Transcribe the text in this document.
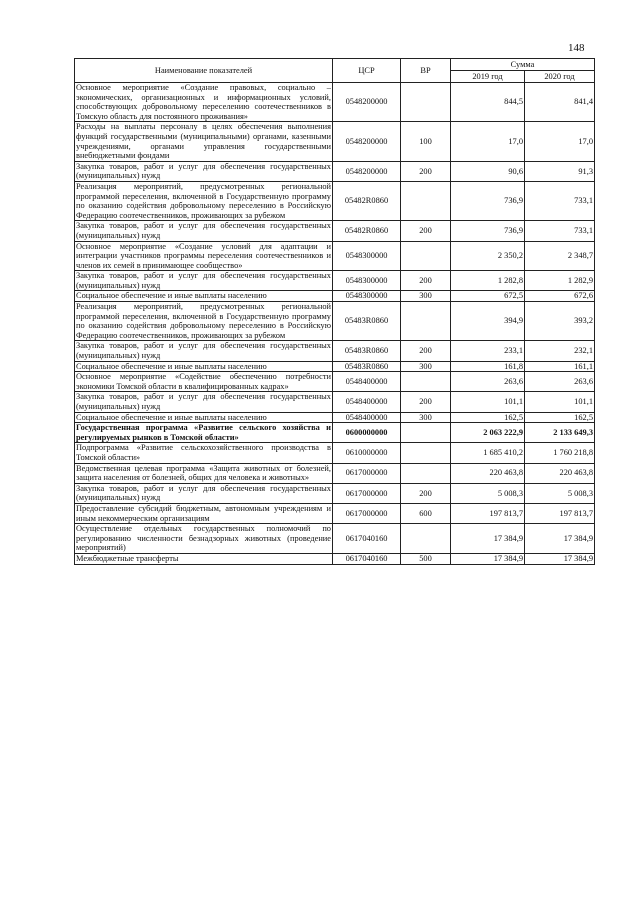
148
Наименование показателей	ЦСР	ВР	Сумма	
			2019 год	2020 год
Основное мероприятие «Создание правовых, социально – экономических, организационных и информационных условий, способствующих добровольному переселению соотечественников в Томскую область для постоянного проживания»	0548200000		844,5	841,4
Расходы на выплаты персоналу в целях обеспечения выполнения функций государственными (муниципальными) органами, казенными учреждениями, органами управления государственными внебюджетными фондами	0548200000	100	17,0	17,0
Закупка товаров, работ и услуг для обеспечения государственных (муниципальных) нужд	0548200000	200	90,6	91,3
Реализация мероприятий, предусмотренных региональной программой переселения, включенной в Государственную программу по оказанию содействия добровольному переселению в Российскую Федерацию соотечественников, проживающих за рубежом	05482R0860		736,9	733,1
Закупка товаров, работ и услуг для обеспечения государственных (муниципальных) нужд	05482R0860	200	736,9	733,1
Основное мероприятие «Создание условий для адаптации и интеграции участников программы переселения соотечественников и членов их семей в принимающее сообщество»	0548300000		2 350,2	2 348,7
Закупка товаров, работ и услуг для обеспечения государственных (муниципальных) нужд	0548300000	200	1 282,8	1 282,9
Социальное обеспечение и иные выплаты населению	0548300000	300	672,5	672,6
Реализация мероприятий, предусмотренных региональной программой переселения, включенной в Государственную программу по оказанию содействия добровольному переселению в Российскую Федерацию соотечественников, проживающих за рубежом	05483R0860		394,9	393,2
Закупка товаров, работ и услуг для обеспечения государственных (муниципальных) нужд	05483R0860	200	233,1	232,1
Социальное обеспечение и иные выплаты населению	05483R0860	300	161,8	161,1
Основное мероприятие «Содействие обеспечению потребности экономики Томской области в квалифицированных кадрах»	0548400000		263,6	263,6
Закупка товаров, работ и услуг для обеспечения государственных (муниципальных) нужд	0548400000	200	101,1	101,1
Социальное обеспечение и иные выплаты населению	0548400000	300	162,5	162,5
Государственная программа «Развитие сельского хозяйства и регулируемых рынков в Томской области»	0600000000		2 063 222,9	2 133 649,3
Подпрограмма «Развитие сельскохозяйственного производства в Томской области»	0610000000		1 685 410,2	1 760 218,8
Ведомственная целевая программа «Защита животных от болезней, защита населения от болезней, общих для человека и животных»	0617000000		220 463,8	220 463,8
Закупка товаров, работ и услуг для обеспечения государственных (муниципальных) нужд	0617000000	200	5 008,3	5 008,3
Предоставление субсидий бюджетным, автономным учреждениям и иным некоммерческим организациям	0617000000	600	197 813,7	197 813,7
Осуществление отдельных государственных полномочий по регулированию численности безнадзорных животных (проведение мероприятий)	0617040160		17 384,9	17 384,9
Межбюджетные трансферты	0617040160	500	17 384,9	17 384,9
